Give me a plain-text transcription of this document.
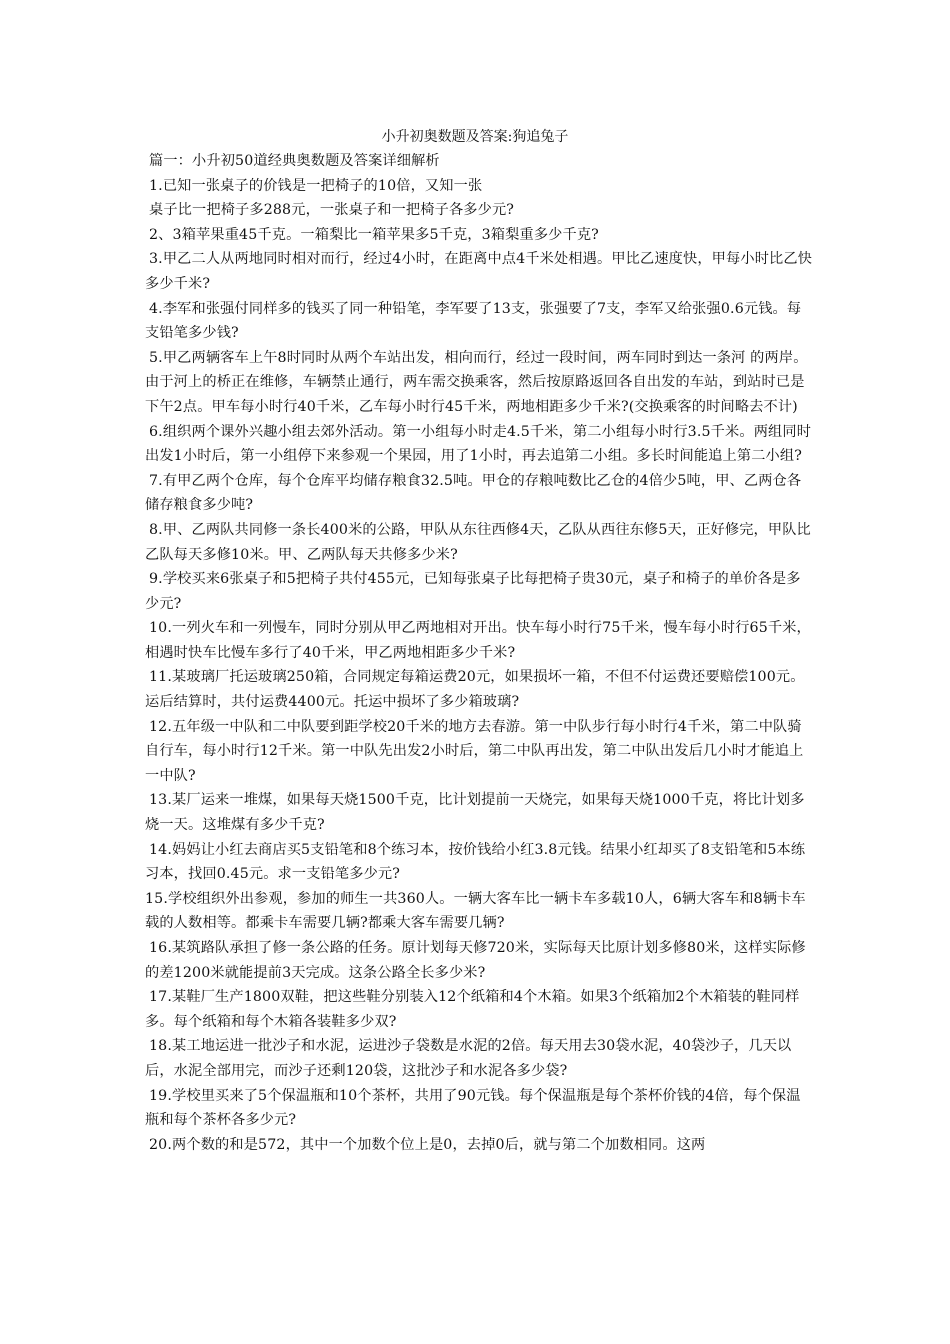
小升初奥数题及答案:狗追兔子

篇一：小升初50道经典奥数题及答案详细解析

1.已知一张桌子的价钱是一把椅子的10倍，又知一张

桌子比一把椅子多288元，一张桌子和一把椅子各多少元?

2、3箱苹果重45千克。一箱梨比一箱苹果多5千克，3箱梨重多少千克?

3.甲乙二人从两地同时相对而行，经过4小时，在距离中点4千米处相遇。甲比乙速度快，甲每小时比乙快多少千米?

4.李军和张强付同样多的钱买了同一种铅笔，李军要了13支，张强要了7支，李军又给张强0.6元钱。每支铅笔多少钱?

5.甲乙两辆客车上午8时同时从两个车站出发，相向而行，经过一段时间，两车同时到达一条河 的两岸。由于河上的桥正在维修，车辆禁止通行，两车需交换乘客，然后按原路返回各自出发的车站，到站时已是下午2点。甲车每小时行40千米，乙车每小时行45千米，两地相距多少千米?(交换乘客的时间略去不计)

6.组织两个课外兴趣小组去郊外活动。第一小组每小时走4.5千米，第二小组每小时行3.5千米。两组同时出发1小时后，第一小组停下来参观一个果园，用了1小时，再去追第二小组。多长时间能追上第二小组?

7.有甲乙两个仓库，每个仓库平均储存粮食32.5吨。甲仓的存粮吨数比乙仓的4倍少5吨，甲、乙两仓各储存粮食多少吨?

8.甲、乙两队共同修一条长400米的公路，甲队从东往西修4天，乙队从西往东修5天，正好修完，甲队比乙队每天多修10米。甲、乙两队每天共修多少米?

9.学校买来6张桌子和5把椅子共付455元，已知每张桌子比每把椅子贵30元，桌子和椅子的单价各是多少元?

10.一列火车和一列慢车，同时分别从甲乙两地相对开出。快车每小时行75千米，慢车每小时行65千米，相遇时快车比慢车多行了40千米，甲乙两地相距多少千米?

11.某玻璃厂托运玻璃250箱，合同规定每箱运费20元，如果损坏一箱，不但不付运费还要赔偿100元。运后结算时，共付运费4400元。托运中损坏了多少箱玻璃?

12.五年级一中队和二中队要到距学校20千米的地方去春游。第一中队步行每小时行4千米，第二中队骑自行车，每小时行12千米。第一中队先出发2小时后，第二中队再出发，第二中队出发后几小时才能追上一中队?

13.某厂运来一堆煤，如果每天烧1500千克，比计划提前一天烧完，如果每天烧1000千克，将比计划多烧一天。这堆煤有多少千克?

14.妈妈让小红去商店买5支铅笔和8个练习本，按价钱给小红3.8元钱。结果小红却买了8支铅笔和5本练习本，找回0.45元。求一支铅笔多少元?

15.学校组织外出参观，参加的师生一共360人。一辆大客车比一辆卡车多载10人，6辆大客车和8辆卡车载的人数相等。都乘卡车需要几辆?都乘大客车需要几辆?

16.某筑路队承担了修一条公路的任务。原计划每天修720米，实际每天比原计划多修80米，这样实际修的差1200米就能提前3天完成。这条公路全长多少米?

17.某鞋厂生产1800双鞋，把这些鞋分别装入12个纸箱和4个木箱。如果3个纸箱加2个木箱装的鞋同样多。每个纸箱和每个木箱各装鞋多少双?

18.某工地运进一批沙子和水泥，运进沙子袋数是水泥的2倍。每天用去30袋水泥，40袋沙子，几天以后，水泥全部用完，而沙子还剩120袋，这批沙子和水泥各多少袋?

19.学校里买来了5个保温瓶和10个茶杯，共用了90元钱。每个保温瓶是每个茶杯价钱的4倍，每个保温瓶和每个茶杯各多少元?

20.两个数的和是572，其中一个加数个位上是0，去掉0后，就与第二个加数相同。这两
